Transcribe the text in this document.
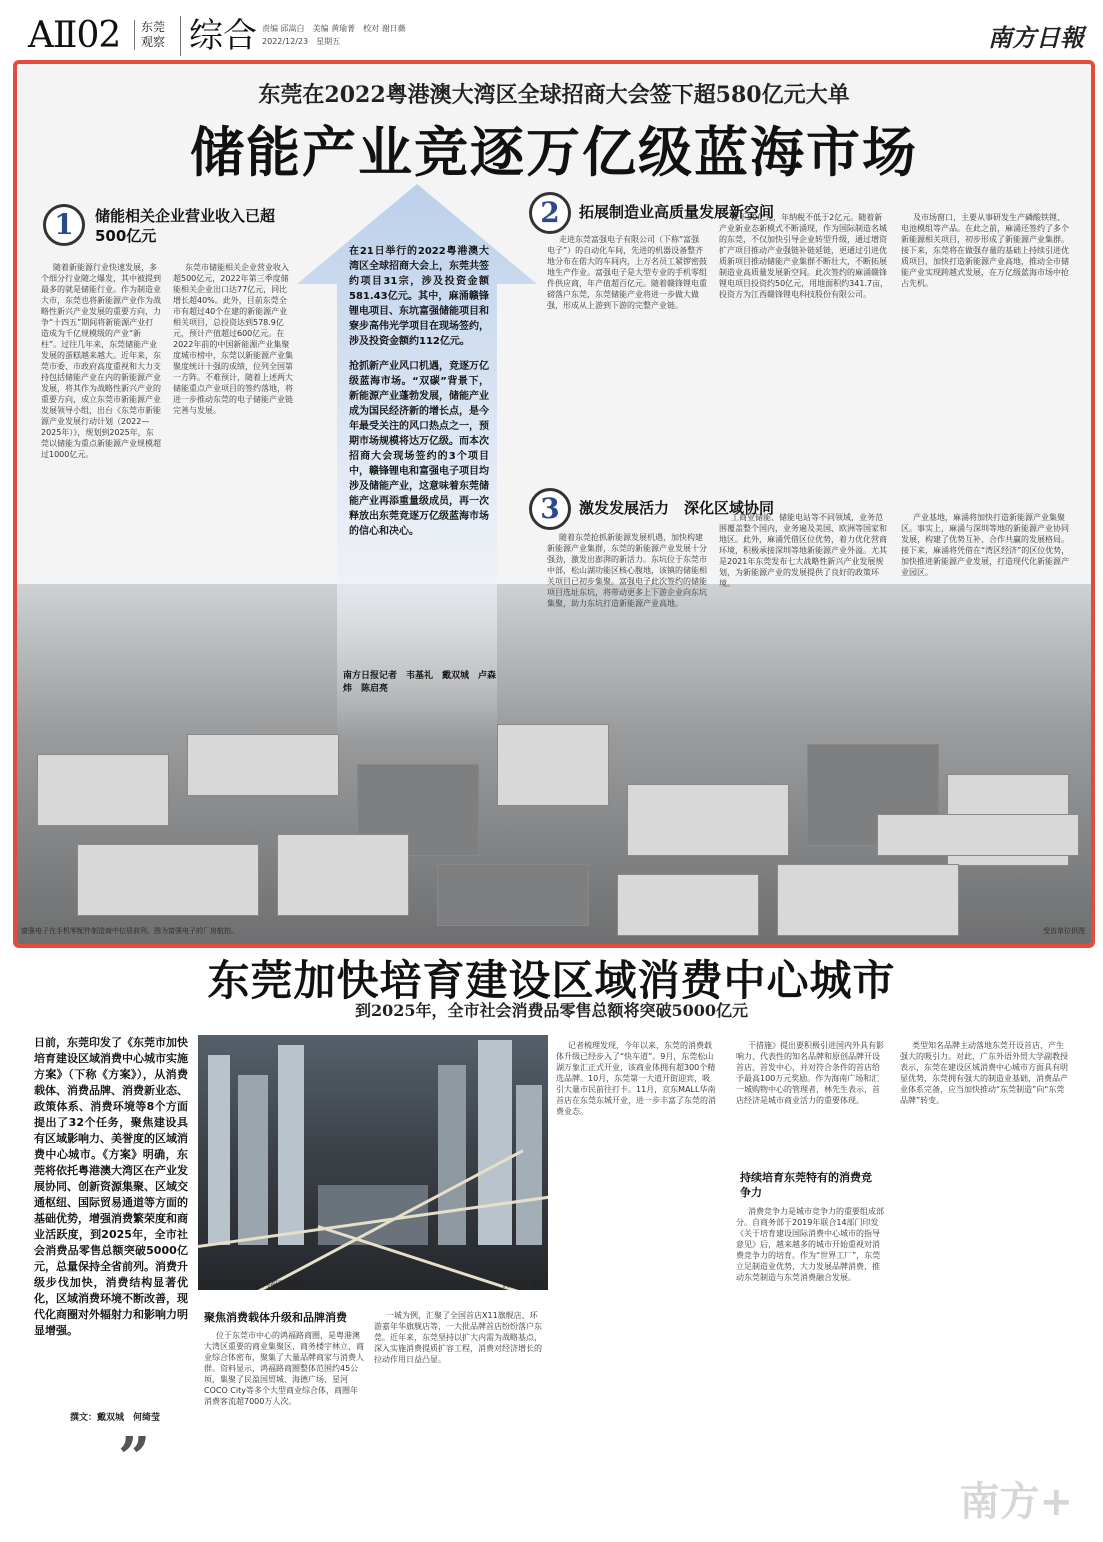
AⅡ02	东莞观察 综合 责编 邱嵩白　美编 黄瑜菁　校对 谢日薇
2022/12/23　星期五	南方日報
东莞在2022粤港澳大湾区全球招商大会签下超580亿元大单
储能产业竞逐万亿级蓝海市场
1	储能相关企业营业收入已超500亿元

随着新能源行业快速发展，多个细分行业随之爆发，其中被提到最多的就是储能行业。作为制造业大市，东莞也将新能源产业作为战略性新兴产业发展的重要方向，力争“十四五”期间将新能源产业打造成为千亿规模级的产业“新柱”。过往几年来，东莞储能产业发展的蛋糕越来越大。近年来，东莞市委、市政府高度重视和大力支持包括储能产业在内的新能源产业发展，将其作为战略性新兴产业的重要方向，成立东莞市新能源产业发展领导小组，出台《东莞市新能源产业发展行动计划（2022—2025年）》，规划到2025年，东莞以储能为重点新能源产业规模超过1000亿元。

东莞市储能相关企业营业收入超500亿元，2022年第三季度储能相关企业出口达77亿元，同比增长超40%。此外，目前东莞全市有超过40个在建的新能源产业相关项目，总投资达到578.9亿元，预计产值超过600亿元。在2022年前的中国新能源产业集聚度城市榜中，东莞以新能源产业集聚度统计十强的成绩，位列全国第一方阵。不难预计，随着上述两大储能重点产业项目的签约落地，将进一步推动东莞的电子储能产业链完善与发展。

在21日举行的2022粤港澳大湾区全球招商大会上，东莞共签约项目31宗，涉及投资金额581.43亿元。其中，麻涌赣锋锂电项目、东坑富强储能项目和寮步高伟光学项目在现场签约，涉及投资金额约112亿元。
抢抓新产业风口机遇，竞逐万亿级蓝海市场。“双碳”背景下，新能源产业蓬勃发展，储能产业成为国民经济新的增长点，是今年最受关注的风口热点之一，预期市场规模将达万亿级。而本次招商大会现场签约的3个项目中，赣锋锂电和富强电子项目均涉及储能产业，这意味着东莞储能产业再添重量级成员，再一次释放出东莞竞逐万亿级蓝海市场的信心和决心。
南方日报记者　韦基礼　戴双城　卢森炜　陈启亮
2	拓展制造业高质量发展新空间

走进东莞富强电子有限公司（下称“富强电子”）的自动化车间，先进的机器设备整齐地分布在偌大的车间内，上万名员工紧锣密鼓地生产作业。富强电子是大型专业的手机零组件供应商，年产值超百亿元。随着赣锋锂电重磅落户东莞，东莞储能产业将进一步做大做强，形成从上游到下游的完整产业链。

低于50亿元，年纳税不低于2亿元。随着新产业新业态新模式不断涌现，作为国际制造名城的东莞，不仅加快引导企业转型升级，通过增资扩产项目推动产业强链补链延链，更通过引进优质新项目推动储能产业集群不断壮大，不断拓展制造业高质量发展新空间。此次签约的麻涌赣锋锂电项目投资约50亿元，用地面积约341.7亩，投资方为江西赣锋锂电科技股份有限公司。

及市场窗口，主要从事研发生产磷酸铁锂、电池模组等产品。在此之前，麻涌还签约了多个新能源相关项目，初步形成了新能源产业集群。接下来，东莞将在做强存量的基础上持续引进优质项目，加快打造新能源产业高地，推动全市储能产业实现跨越式发展，在万亿级蓝海市场中抢占先机。

3	激发发展活力　深化区域协同

随着东莞抢抓新能源发展机遇，加快构建新能源产业集群，东莞的新能源产业发展十分强劲，激发出澎湃的新活力。东坑位于东莞市中部，松山湖功能区核心腹地，该镇的储能相关项目已初步集聚。富强电子此次签约的储能项目选址东坑，将带动更多上下游企业向东坑集聚，助力东坑打造新能源产业高地。

工商业储能、储能电站等不同领域，业务范围覆盖整个国内，业务遍及美国、欧洲等国家和地区。此外，麻涌凭借区位优势，着力优化营商环境，积极承接深圳等地新能源产业外溢。尤其是2021年东莞发布七大战略性新兴产业发展规划，为新能源产业的发展提供了良好的政策环境。

产业基地，麻涌将加快打造新能源产业集聚区。事实上，麻涌与深圳等地的新能源产业协同发展，构建了优势互补、合作共赢的发展格局。接下来，麻涌将凭借在“湾区经济”的区位优势，加快推进新能源产业发展，打造现代化新能源产业园区。

富强电子在手机零配件制造商中位居前列。图为富强电子的厂房航拍。	受访单位供图
东莞加快培育建设区域消费中心城市
到2025年，全市社会消费品零售总额将突破5000亿元
日前，东莞印发了《东莞市加快培育建设区域消费中心城市实施方案》（下称《方案》），从消费载体、消费品牌、消费新业态、政策体系、消费环境等8个方面提出了32个任务，聚焦建设具有区域影响力、美誉度的区域消费中心城市。《方案》明确，东莞将依托粤港澳大湾区在产业发展协同、创新资源集聚、区域交通枢纽、国际贸易通道等方面的基础优势，增强消费繁荣度和商业活跃度，到2025年，全市社会消费品零售总额突破5000亿元，总量保持全省前列。消费升级步伐加快，消费结构显著优化，区域消费环境不断改善，现代化商圈对外辐射力和影响力明显增强。
位于东莞市中心的鸿福路商圈。	黄伟兴　摄
聚焦消费载体升级和品牌消费

位于东莞市中心的鸿福路商圈，是粤港澳大湾区重要的商业集聚区，商务楼宇林立，商业综合体密布，聚集了大量品牌商家与消费人群。资料显示，鸿福路商圈整体范围约45公顷，集聚了民盈国贸城、海德广场、星河COCO City等多个大型商业综合体，商圈年消费客流超7000万人次。

一城为例，汇聚了全国首店X11旗舰店、环游嘉年华旗舰店等，一大批品牌首店纷纷落户东莞。近年来，东莞坚持以扩大内需为战略基点，深入实施消费提质扩容工程，消费对经济增长的拉动作用日益凸显。

记者梳理发现，今年以来，东莞的消费载体升级已经步入了“快车道”。9月，东莞松山湖万象汇正式开业，该商业体拥有超300个精选品牌。10月，东莞第一大道开街迎宾，吸引大量市民前往打卡。11月，京东MALL华南首店在东莞东城开业，进一步丰富了东莞的消费业态。

干措施》提出要积极引进国内外具有影响力、代表性的知名品牌和原创品牌开设首店、首发中心，并对符合条件的首店给予最高100万元奖励。作为海南广场和汇一城购物中心的管理者，林先生表示，首店经济是城市商业活力的重要体现。

持续培育东莞特有的消费竞争力

消费竞争力是城市竞争力的重要组成部分。自商务部于2019年联合14部门印发《关于培育建设国际消费中心城市的指导意见》后，越来越多的城市开始重视对消费竞争力的培育。作为“世界工厂”，东莞立足制造业优势，大力发展品牌消费，推动东莞制造与东莞消费融合发展。

类型知名品牌主动落地东莞开设首店，产生强大的吸引力。对此，广东外语外贸大学副教授表示，东莞在建设区域消费中心城市方面具有明显优势，东莞拥有强大的制造业基础，消费品产业体系完备，应当加快推动“东莞制造”向“东莞品牌”转变。

撰文：戴双城　何绮莹
”
南方+
